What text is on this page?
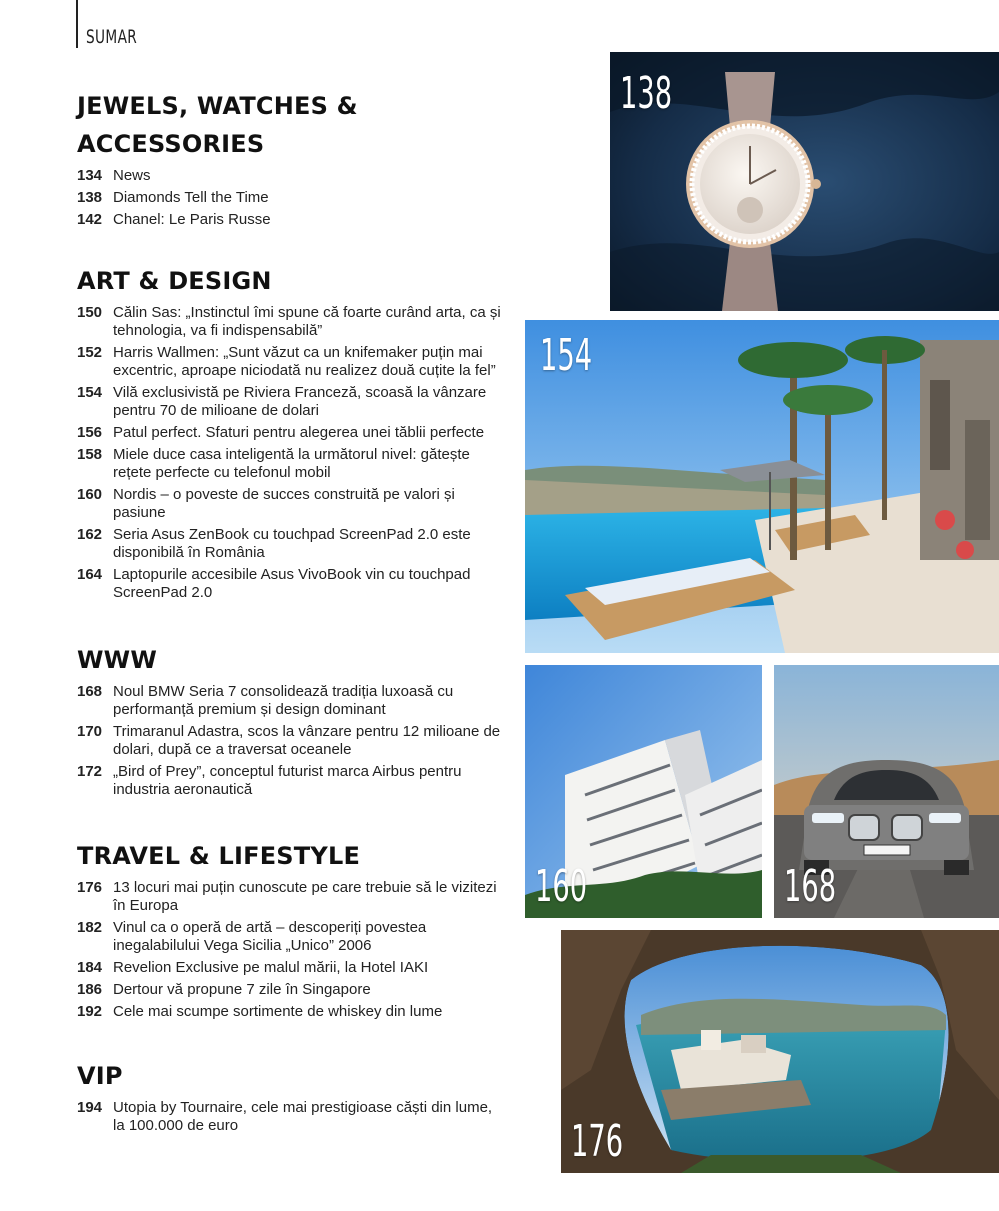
SUMAR
JEWELS, WATCHES &
ACCESSORIES
134 News
138 Diamonds Tell the Time
142 Chanel: Le Paris Russe
ART & DESIGN
150 Călin Sas: „Instinctul îmi spune că foarte curând arta, ca și tehnologia, va fi indispensabilă”
152 Harris Wallmen: „Sunt văzut ca un knifemaker puțin mai excentric, aproape niciodată nu realizez două cuțite la fel”
154 Vilă exclusivistă pe Riviera Franceză, scoasă la vânzare pentru 70 de milioane de dolari
156 Patul perfect. Sfaturi pentru alegerea unei tăblii perfecte
158 Miele duce casa inteligentă la următorul nivel: gătește rețete perfecte cu telefonul mobil
160 Nordis – o poveste de succes construită pe valori și pasiune
162 Seria Asus ZenBook cu touchpad ScreenPad 2.0 este disponibilă în România
164 Laptopurile accesibile Asus VivoBook vin cu touchpad ScreenPad 2.0
WWW
168 Noul BMW Seria 7 consolidează tradiția luxoasă cu performanță premium și design dominant
170 Trimaranul Adastra, scos la vânzare pentru 12 milioane de dolari, după ce a traversat oceanele
172 „Bird of Prey”, conceptul futurist marca Airbus pentru industria aeronautică
TRAVEL & LIFESTYLE
176 13 locuri mai puțin cunoscute pe care trebuie să le vizitezi în Europa
182 Vinul ca o operă de artă – descoperiți povestea inegalabilului Vega Sicilia „Unico” 2006
184 Revelion Exclusive pe malul mării, la Hotel IAKI
186 Dertour vă propune 7 zile în Singapore
192 Cele mai scumpe sortimente de whiskey din lume
VIP
194 Utopia by Tournaire, cele mai prestigioase căști din lume, la 100.000 de euro
138
154
160	168
176
